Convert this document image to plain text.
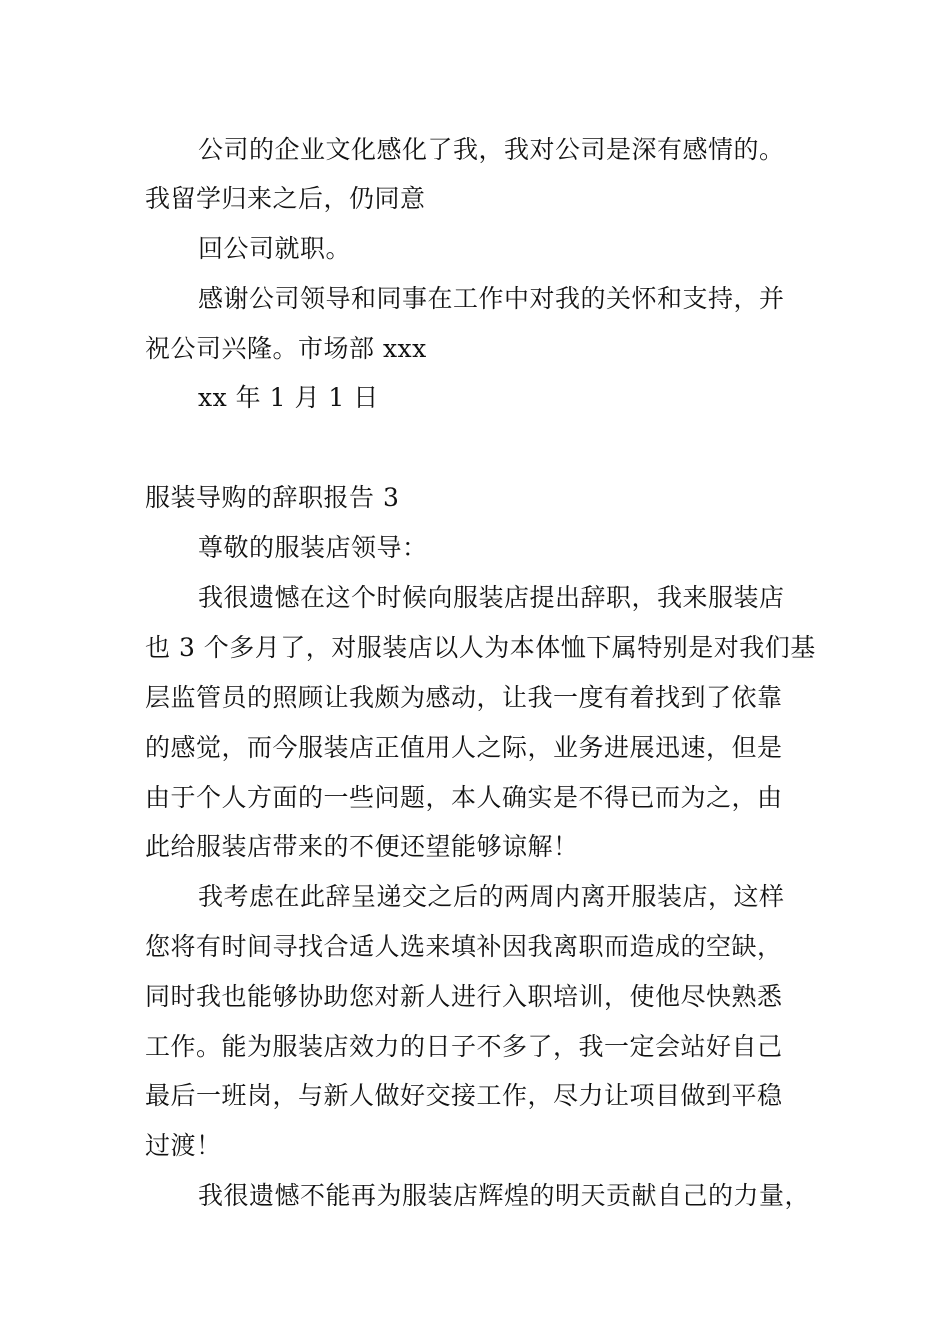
公司的企业文化感化了我，我对公司是深有感情的。
我留学归来之后，仍同意
回公司就职。
感谢公司领导和同事在工作中对我的关怀和支持，并
祝公司兴隆。市场部 xxx
xx 年 1 月 1 日
服装导购的辞职报告 3
尊敬的服装店领导：
我很遗憾在这个时候向服装店提出辞职，我来服装店
也 3 个多月了，对服装店以人为本体恤下属特别是对我们基
层监管员的照顾让我颇为感动，让我一度有着找到了依靠
的感觉，而今服装店正值用人之际，业务进展迅速，但是
由于个人方面的一些问题，本人确实是不得已而为之，由
此给服装店带来的不便还望能够谅解！
我考虑在此辞呈递交之后的两周内离开服装店，这样
您将有时间寻找合适人选来填补因我离职而造成的空缺，
同时我也能够协助您对新人进行入职培训，使他尽快熟悉
工作。能为服装店效力的日子不多了，我一定会站好自己
最后一班岗，与新人做好交接工作，尽力让项目做到平稳
过渡！
我很遗憾不能再为服装店辉煌的明天贡献自己的力量，
